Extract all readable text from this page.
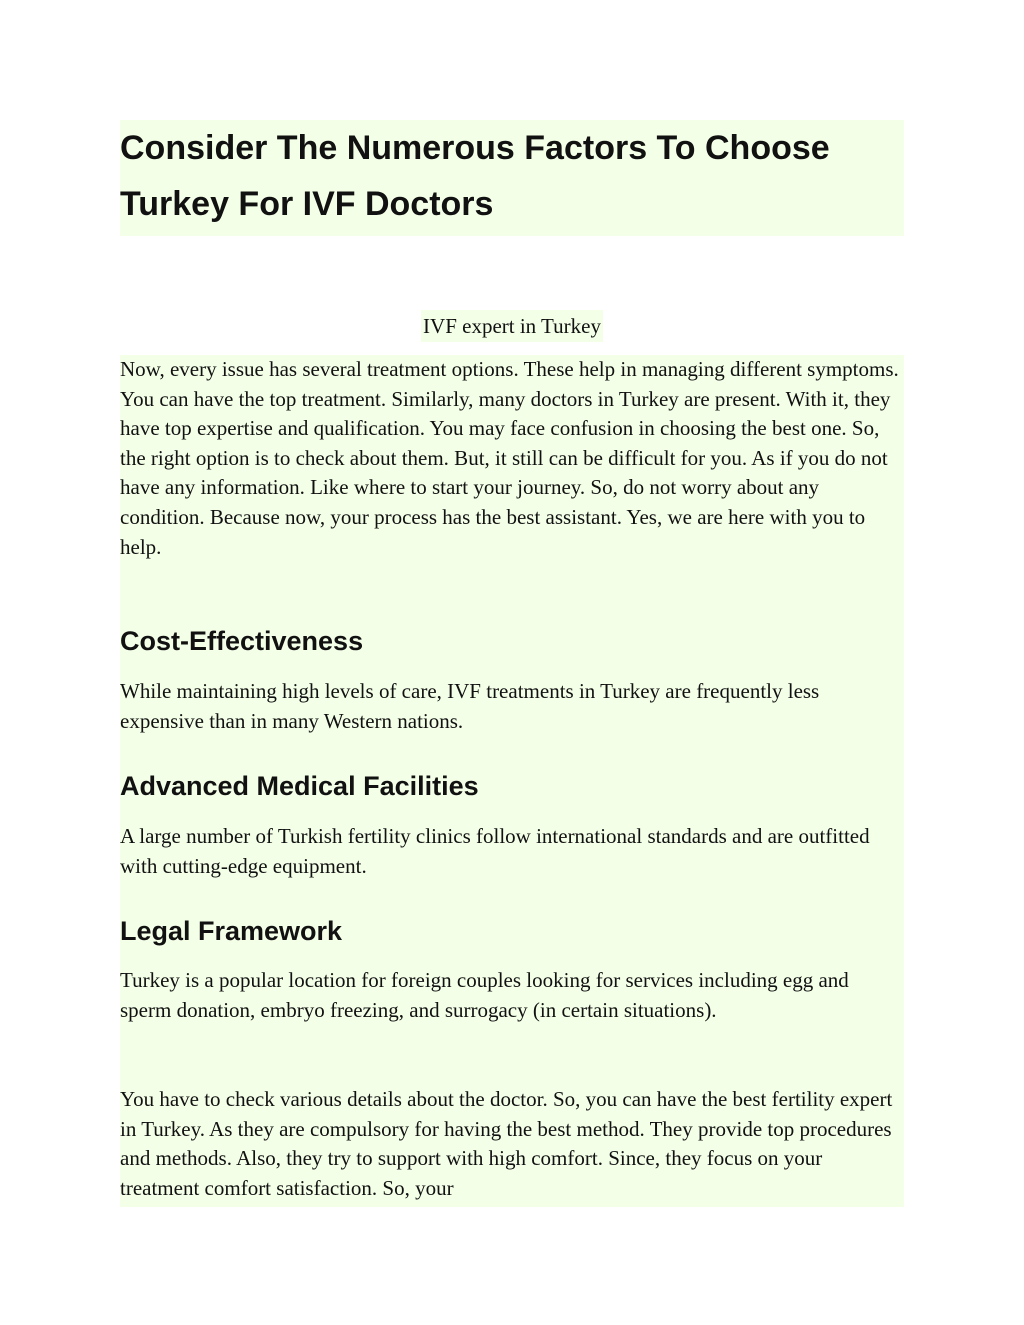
Consider The Numerous Factors To Choose Turkey For IVF Doctors
IVF expert in Turkey

Now, every issue has several treatment options. These help in managing different symptoms. You can have the top treatment. Similarly, many doctors in Turkey are present. With it, they have top expertise and qualification. You may face confusion in choosing the best one. So, the right option is to check about them. But, it still can be difficult for you. As if you do not have any information. Like where to start your journey. So, do not worry about any condition. Because now, your process has the best assistant. Yes, we are here with you to help.

Cost-Effectiveness

While maintaining high levels of care, IVF treatments in Turkey are frequently less expensive than in many Western nations.

Advanced Medical Facilities

A large number of Turkish fertility clinics follow international standards and are outfitted with cutting-edge equipment.

Legal Framework

Turkey is a popular location for foreign couples looking for services including egg and sperm donation, embryo freezing, and surrogacy (in certain situations).

You have to check various details about the doctor. So, you can have the best fertility expert in Turkey. As they are compulsory for having the best method. They provide top procedures and methods. Also, they try to support with high comfort. Since, they focus on your treatment comfort satisfaction. So, your
